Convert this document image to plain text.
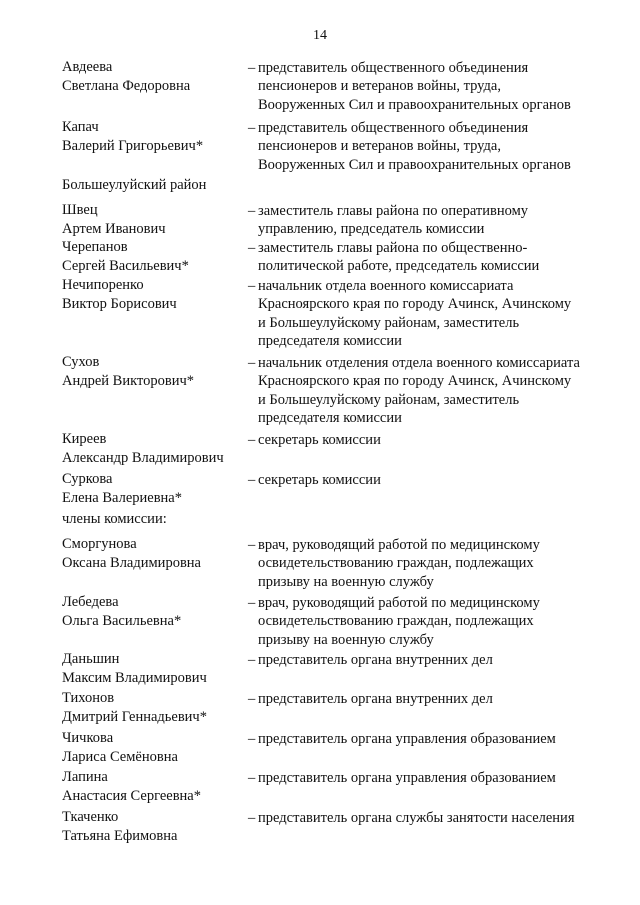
14
Авдеева
Светлана Федоровна
– представитель общественного объединения
пенсионеров и ветеранов войны, труда,
Вооруженных Сил и правоохранительных органов
Капач
Валерий Григорьевич*
– представитель общественного объединения
пенсионеров и ветеранов войны, труда,
Вооруженных Сил и правоохранительных органов
Большеулуйский район
Швец
Артем Иванович
– заместитель главы района по оперативному
управлению, председатель комиссии
Черепанов
Сергей Васильевич*
– заместитель главы района по общественно-
политической работе, председатель комиссии
Нечипоренко
Виктор Борисович
– начальник отдела военного комиссариата
Красноярского края по городу Ачинск, Ачинскому
и Большеулуйскому районам, заместитель
председателя комиссии
Сухов
Андрей Викторович*
– начальник отделения отдела военного комиссариата
Красноярского края по городу Ачинск, Ачинскому
и Большеулуйскому районам, заместитель
председателя комиссии
Киреев
Александр Владимирович
– секретарь комиссии
Суркова
Елена Валериевна*
– секретарь комиссии
члены комиссии:
Сморгунова
Оксана Владимировна
– врач, руководящий работой по медицинскому
освидетельствованию граждан, подлежащих
призыву на военную службу
Лебедева
Ольга Васильевна*
– врач, руководящий работой по медицинскому
освидетельствованию граждан, подлежащих
призыву на военную службу
Даньшин
Максим Владимирович
– представитель органа внутренних дел
Тихонов
Дмитрий Геннадьевич*
– представитель органа внутренних дел
Чичкова
Лариса Семёновна
– представитель органа управления образованием
Лапина
Анастасия Сергеевна*
– представитель органа управления образованием
Ткаченко
Татьяна Ефимовна
– представитель органа службы занятости населения
